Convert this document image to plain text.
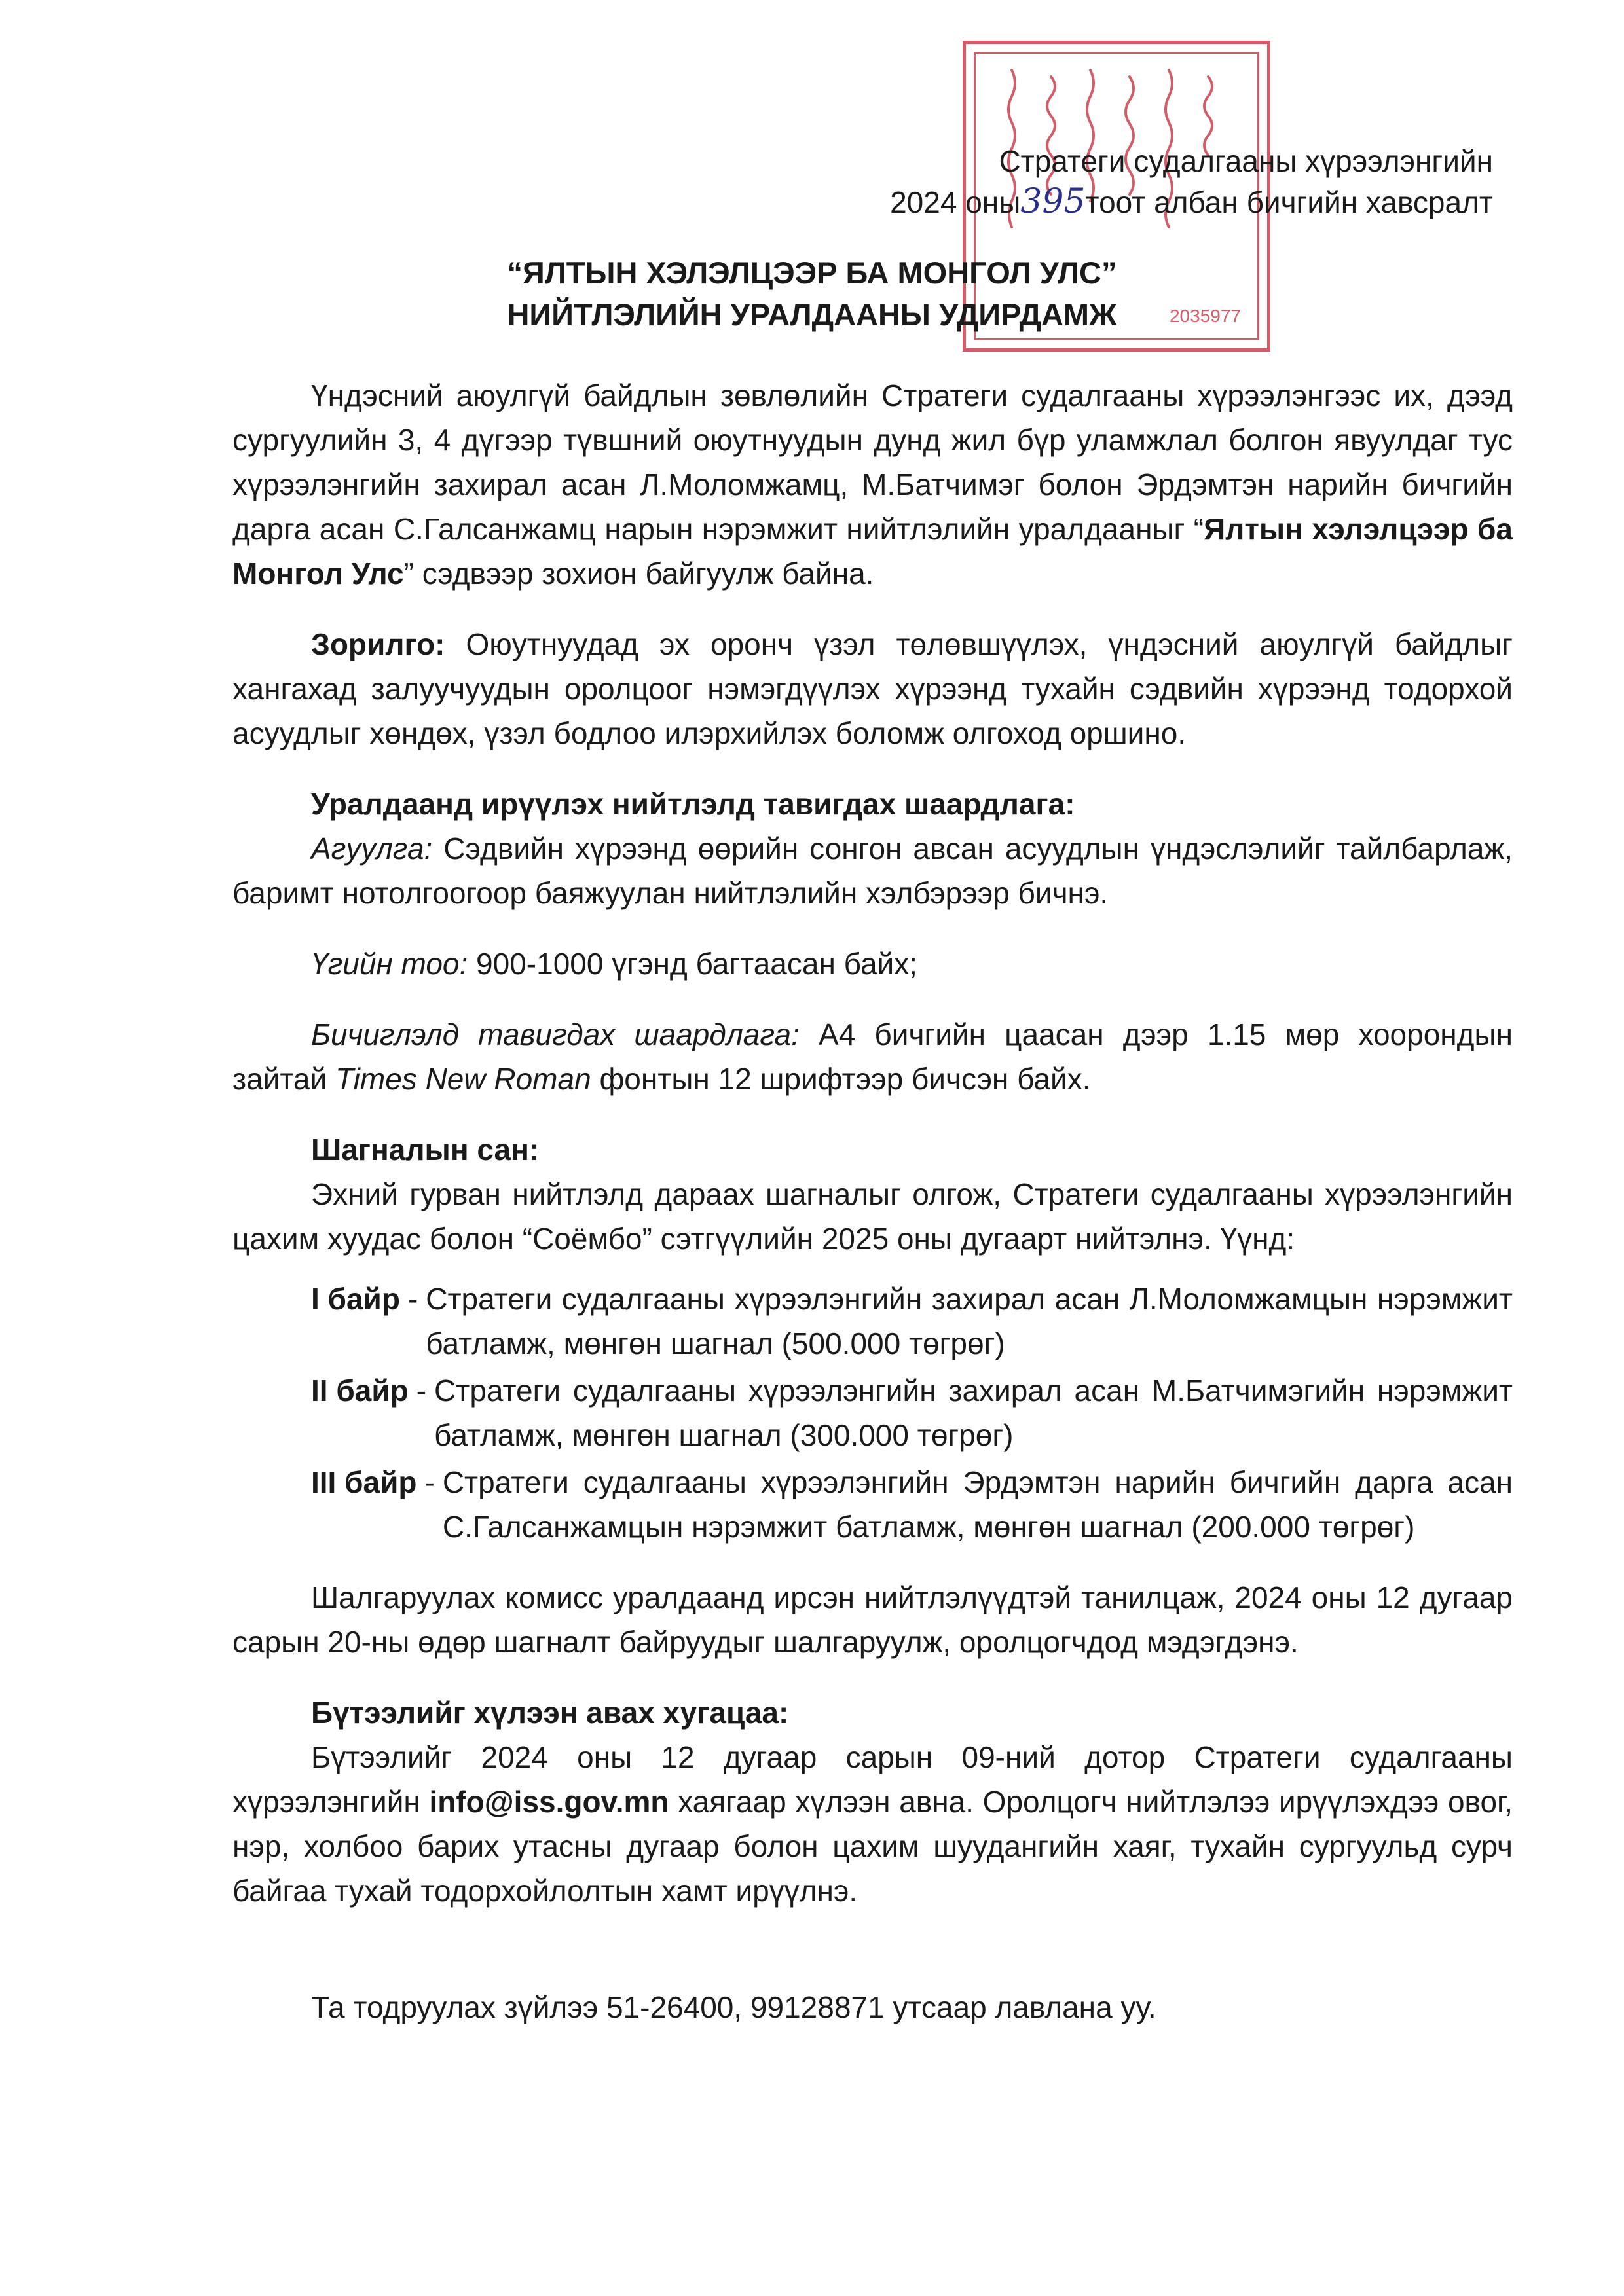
2035977
Стратеги судалгааны хүрээлэнгийн
2024 оны395тоот албан бичгийн хавсралт
“ЯЛТЫН ХЭЛЭЛЦЭЭР БА МОНГОЛ УЛС”
НИЙТЛЭЛИЙН УРАЛДААНЫ УДИРДАМЖ

Үндэсний аюулгүй байдлын зөвлөлийн Стратеги судалгааны хүрээлэнгээс их, дээд сургуулийн 3, 4 дүгээр түвшний оюутнуудын дунд жил бүр уламжлал болгон явуулдаг тус хүрээлэнгийн захирал асан Л.Моломжамц, М.Батчимэг болон Эрдэмтэн нарийн бичгийн дарга асан С.Галсанжамц нарын нэрэмжит нийтлэлийн уралдааныг “Ялтын хэлэлцээр ба Монгол Улс” сэдвээр зохион байгуулж байна.

Зорилго: Оюутнуудад эх оронч үзэл төлөвшүүлэх, үндэсний аюулгүй байдлыг хангахад залуучуудын оролцоог нэмэгдүүлэх хүрээнд тухайн сэдвийн хүрээнд тодорхой асуудлыг хөндөх, үзэл бодлоо илэрхийлэх боломж олгоход оршино.

Уралдаанд ирүүлэх нийтлэлд тавигдах шаардлага:

Агуулга: Сэдвийн хүрээнд өөрийн сонгон авсан асуудлын үндэслэлийг тайлбарлаж, баримт нотолгоогоор баяжуулан нийтлэлийн хэлбэрээр бичнэ.

Үгийн тоо: 900-1000 үгэнд багтаасан байх;

Бичиглэлд тавигдах шаардлага: А4 бичгийн цаасан дээр 1.15 мөр хоорондын зайтай Times New Roman фонтын 12 шрифтээр бичсэн байх.

Шагналын сан:

Эхний гурван нийтлэлд дараах шагналыг олгож, Стратеги судалгааны хүрээлэнгийн цахим хуудас болон “Соёмбо” сэтгүүлийн 2025 оны дугаарт нийтэлнэ. Үүнд:

I байр - Стратеги судалгааны хүрээлэнгийн захирал асан Л.Моломжамцын нэрэмжит батламж, мөнгөн шагнал (500.000 төгрөг)
II байр - Стратеги судалгааны хүрээлэнгийн захирал асан М.Батчимэгийн нэрэмжит батламж, мөнгөн шагнал (300.000 төгрөг)
III байр - Стратеги судалгааны хүрээлэнгийн Эрдэмтэн нарийн бичгийн дарга асан С.Галсанжамцын нэрэмжит батламж, мөнгөн шагнал (200.000 төгрөг)

Шалгаруулах комисс уралдаанд ирсэн нийтлэлүүдтэй танилцаж, 2024 оны 12 дугаар сарын 20-ны өдөр шагналт байруудыг шалгаруулж, оролцогчдод мэдэгдэнэ.

Бүтээлийг хүлээн авах хугацаа:

Бүтээлийг 2024 оны 12 дугаар сарын 09-ний дотор Стратеги судалгааны хүрээлэнгийн info@iss.gov.mn хаягаар хүлээн авна. Оролцогч нийтлэлээ ирүүлэхдээ овог, нэр, холбоо барих утасны дугаар болон цахим шуудангийн хаяг, тухайн сургуульд сурч байгаа тухай тодорхойлолтын хамт ирүүлнэ.

Та тодруулах зүйлээ 51-26400, 99128871 утсаар лавлана уу.
